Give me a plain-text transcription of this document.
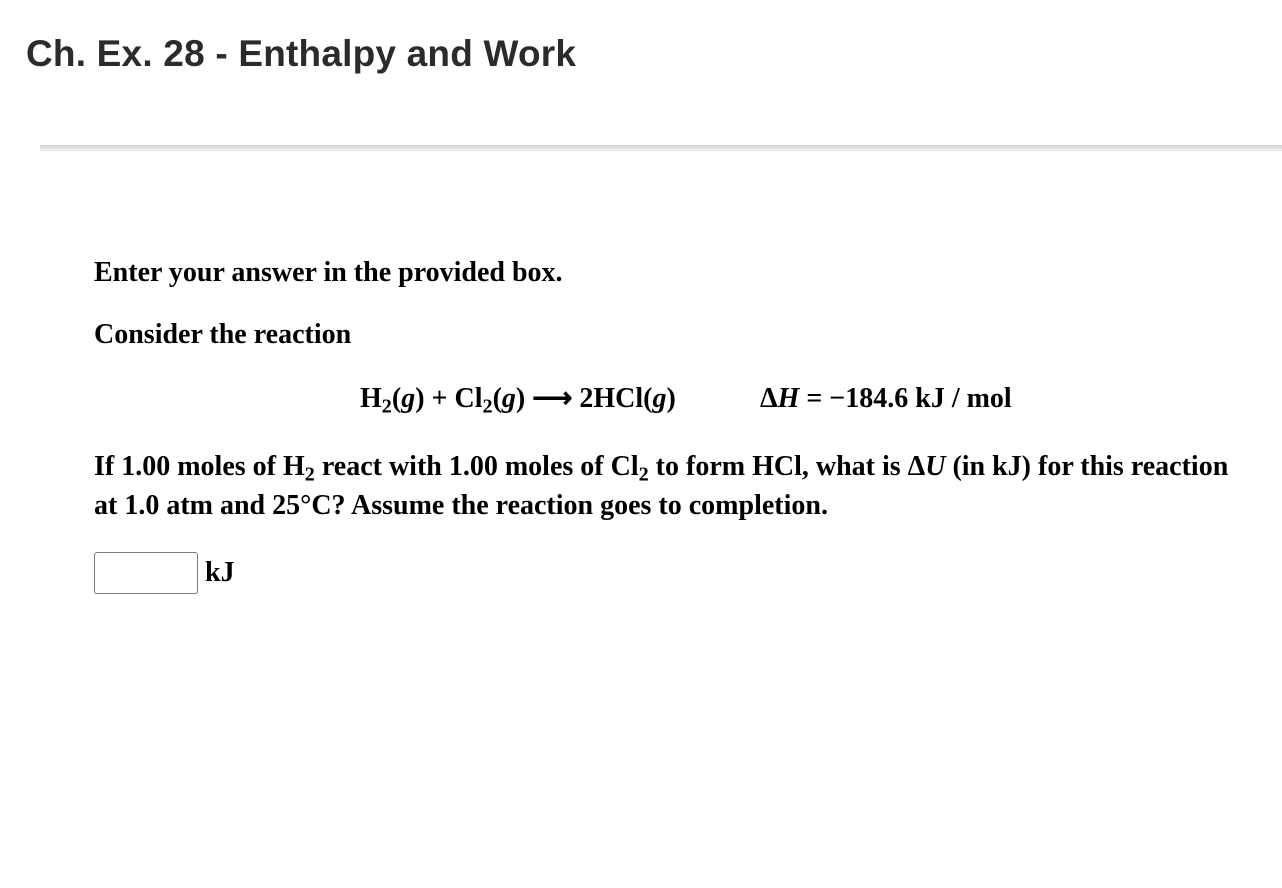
Ch. Ex. 28 - Enthalpy and Work
Enter your answer in the provided box.
Consider the reaction
$H_2(g) + Cl_2(g)$ ⟶ 2HCl(g)	ΔH = −184.6 kJ / mol
If 1.00 moles of $H_2$ react with 1.00 moles of $Cl_2$ to form HCl, what is ΔU (in kJ) for this reaction at 1.0 atm and 25°C? Assume the reaction goes to completion.
kJ
